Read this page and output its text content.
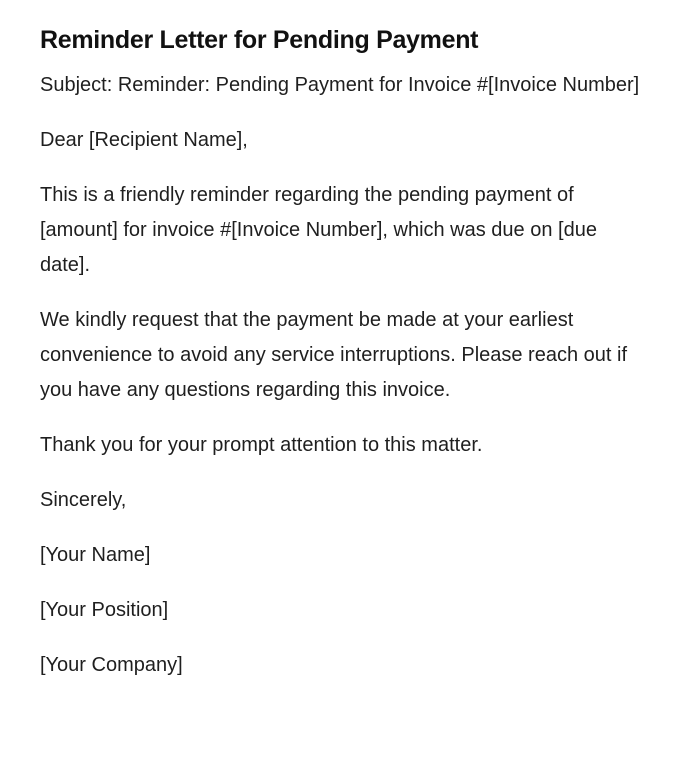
Reminder Letter for Pending Payment

Subject: Reminder: Pending Payment for Invoice #[Invoice Number]

Dear [Recipient Name],

This is a friendly reminder regarding the pending payment of [amount] for invoice #[Invoice Number], which was due on [due date].

We kindly request that the payment be made at your earliest convenience to avoid any service interruptions. Please reach out if you have any questions regarding this invoice.

Thank you for your prompt attention to this matter.

Sincerely,

[Your Name]

[Your Position]

[Your Company]
